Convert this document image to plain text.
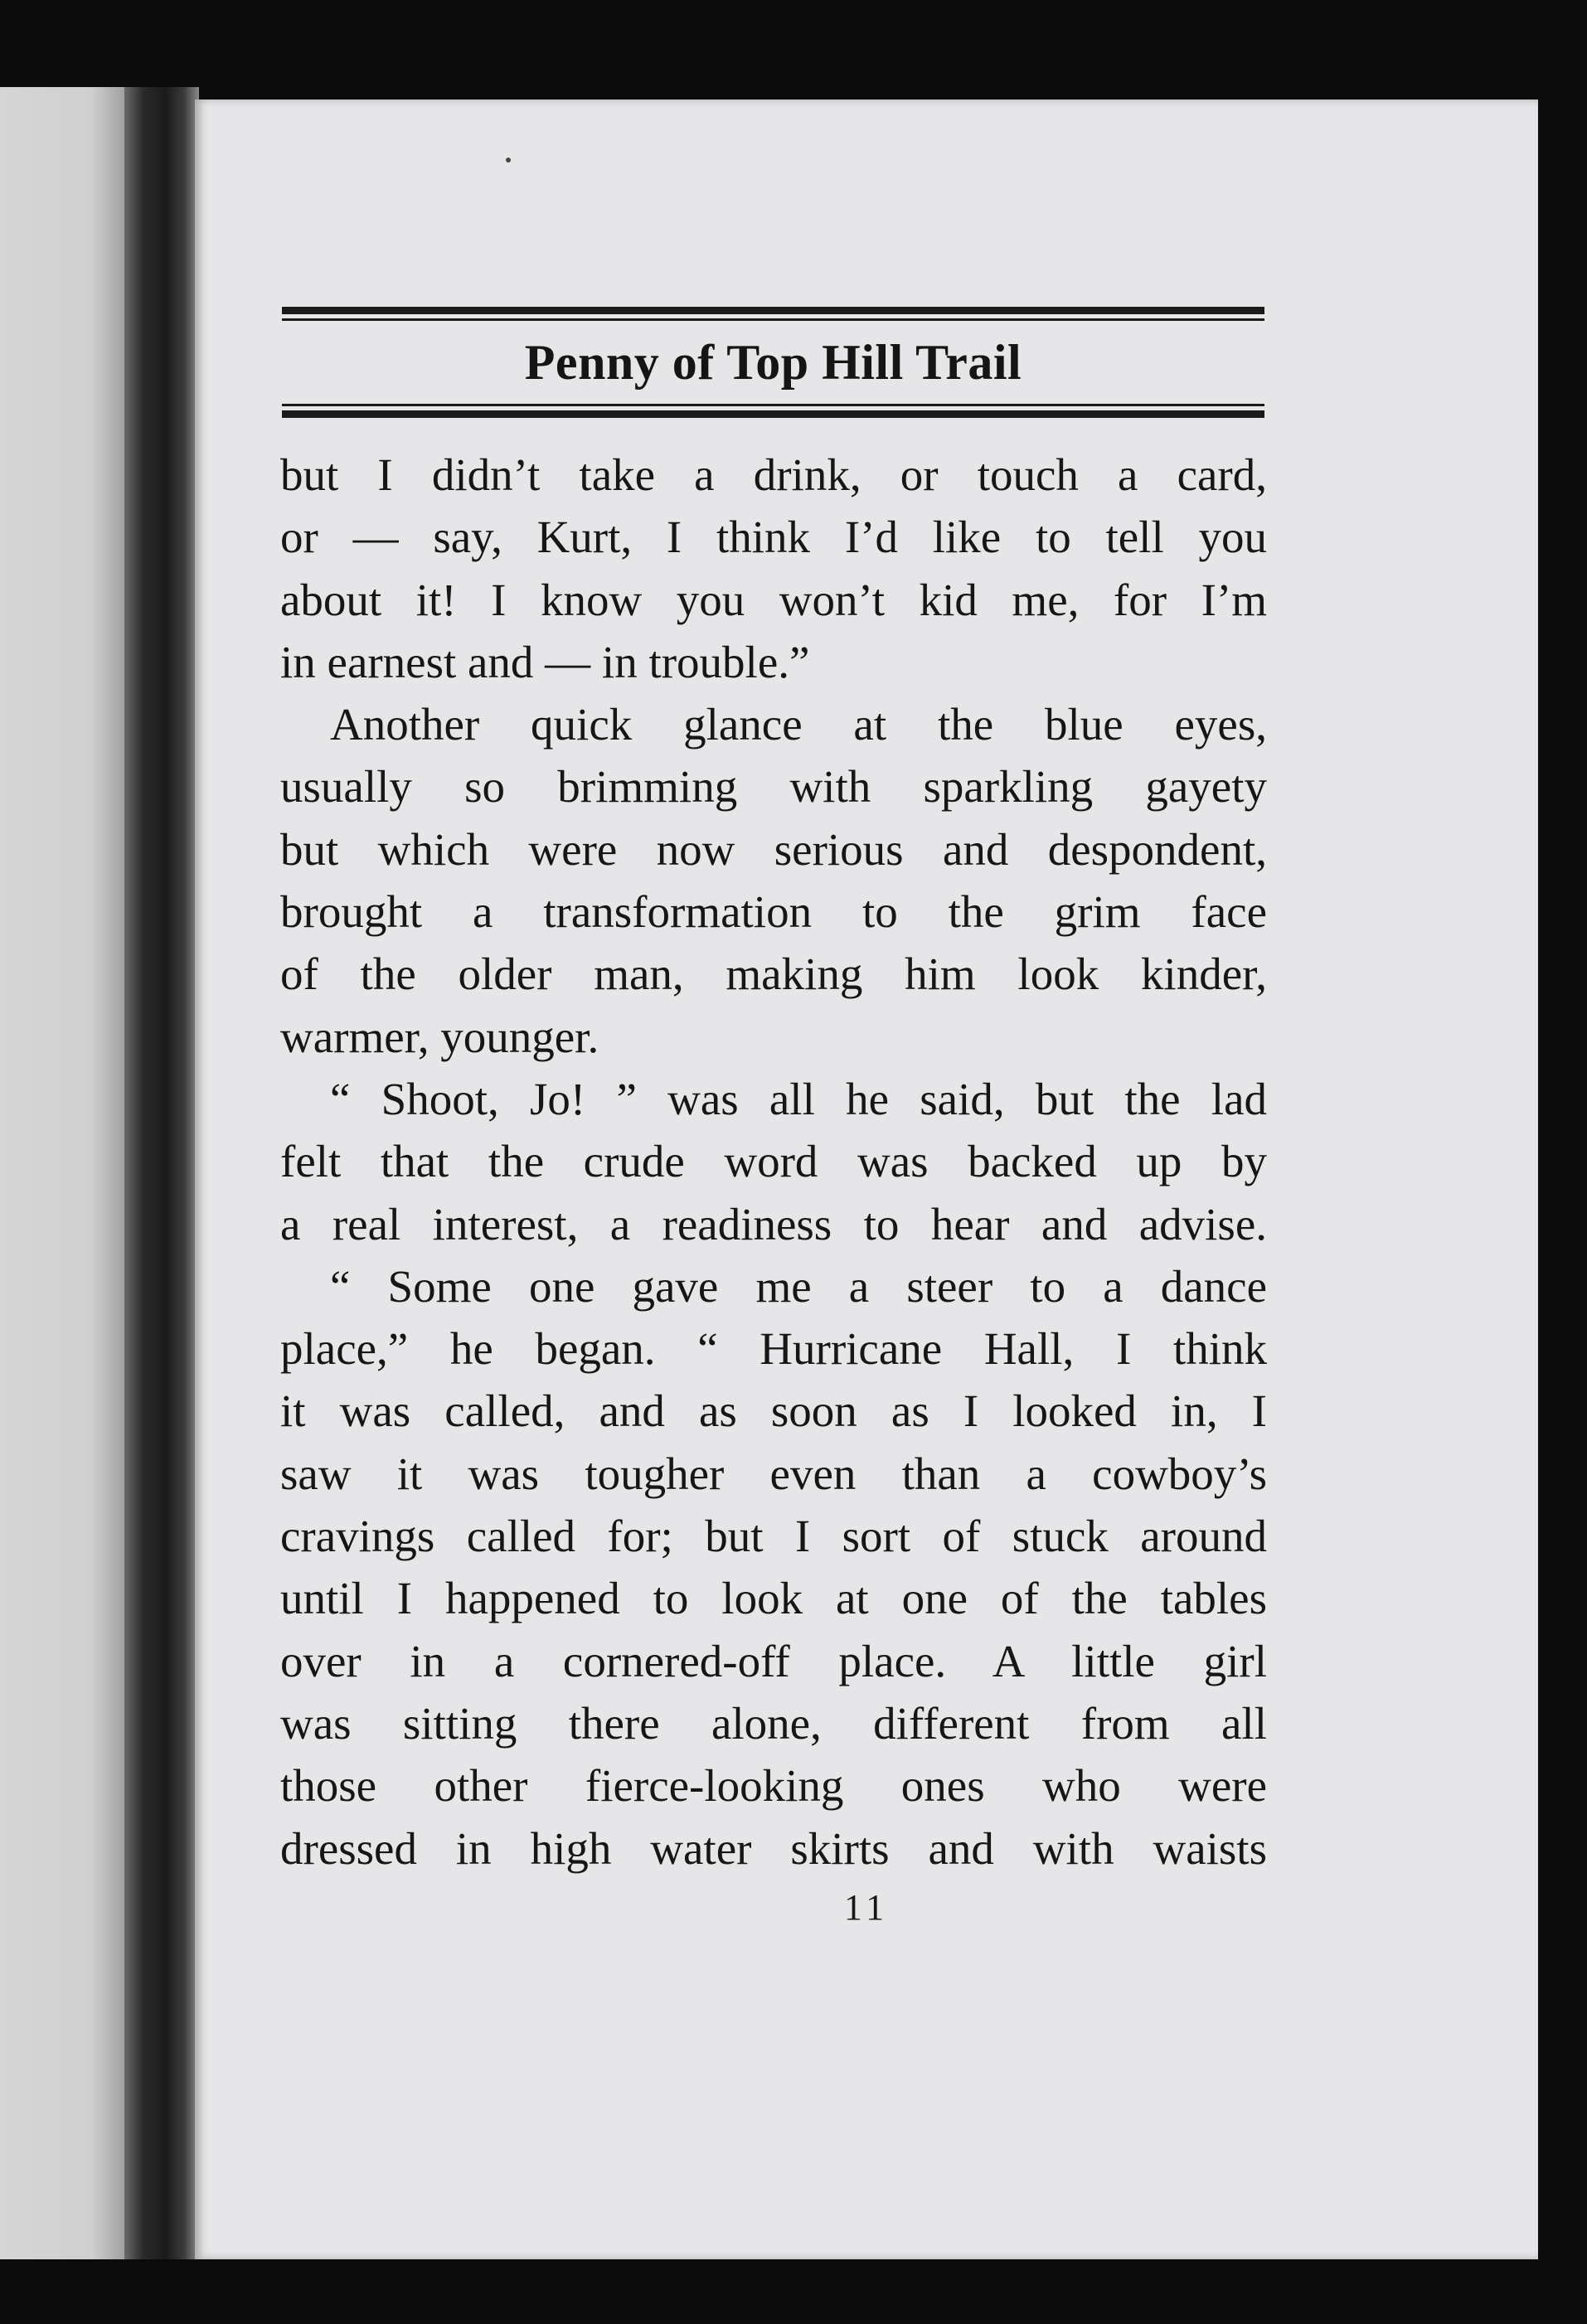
Penny of Top Hill Trail
but I didn’t take a drink, or touch a card,
or — say, Kurt, I think I’d like to tell you
about it! I know you won’t kid me, for I’m
in earnest and — in trouble.”
Another quick glance at the blue eyes,
usually so brimming with sparkling gayety
but which were now serious and despondent,
brought a transformation to the grim face
of the older man, making him look kinder,
warmer, younger.
“ Shoot, Jo! ” was all he said, but the lad
felt that the crude word was backed up by
a real interest, a readiness to hear and advise.
“ Some one gave me a steer to a dance
place,” he began. “ Hurricane Hall, I think
it was called, and as soon as I looked in, I
saw it was tougher even than a cowboy’s
cravings called for; but I sort of stuck around
until I happened to look at one of the tables
over in a cornered-off place. A little girl
was sitting there alone, different from all
those other fierce-looking ones who were
dressed in high water skirts and with waists
11
